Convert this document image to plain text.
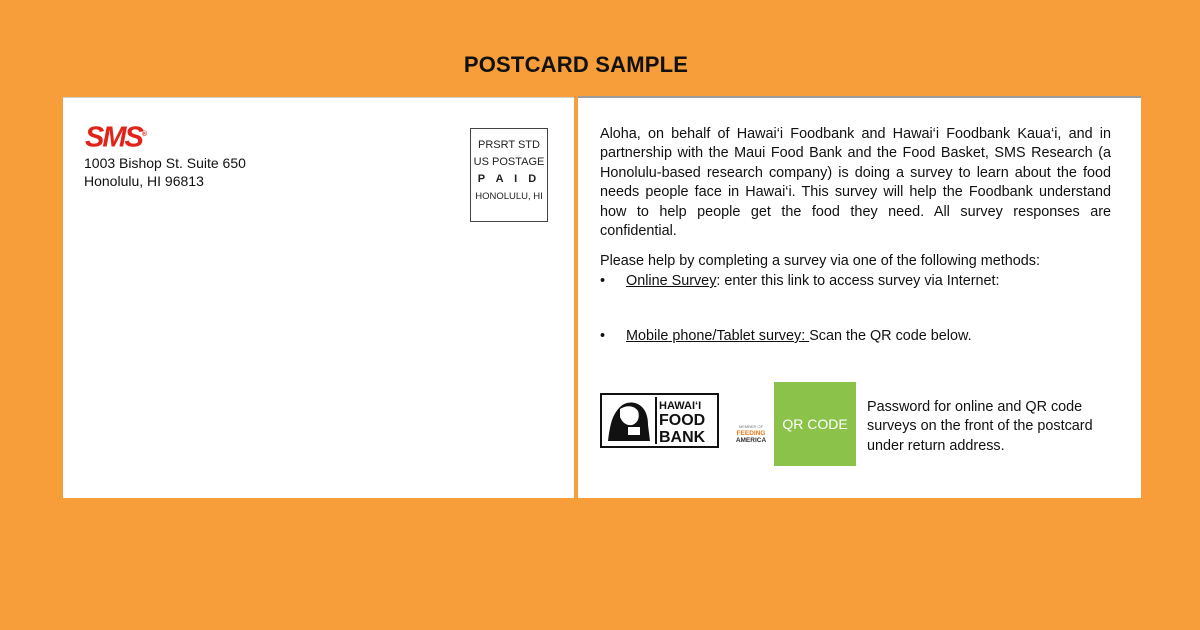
POSTCARD SAMPLE
SMS®
1003 Bishop St. Suite 650
Honolulu, HI 96813
PRSRT STD
US POSTAGE
P A I D
HONOLULU, HI
Aloha, on behalf of Hawai‘i Foodbank and Hawai‘i Foodbank Kaua‘i, and in partnership with the Maui Food Bank and the Food Basket, SMS Research (a Honolulu-based research company) is doing a survey to learn about the food needs people face in Hawai‘i. This survey will help the Foodbank understand how to help people get the food they need. All survey responses are confidential.
Please help by completing a survey via one of the following methods:
• Online Survey: enter this link to access survey via Internet:
• Mobile phone/Tablet survey: Scan the QR code below.
HAWAI‘I
FOOD
BANK
MEMBER OF
FEEDING
AMERICA
QR CODE
Password for online and QR code surveys on the front of the postcard under return address.
